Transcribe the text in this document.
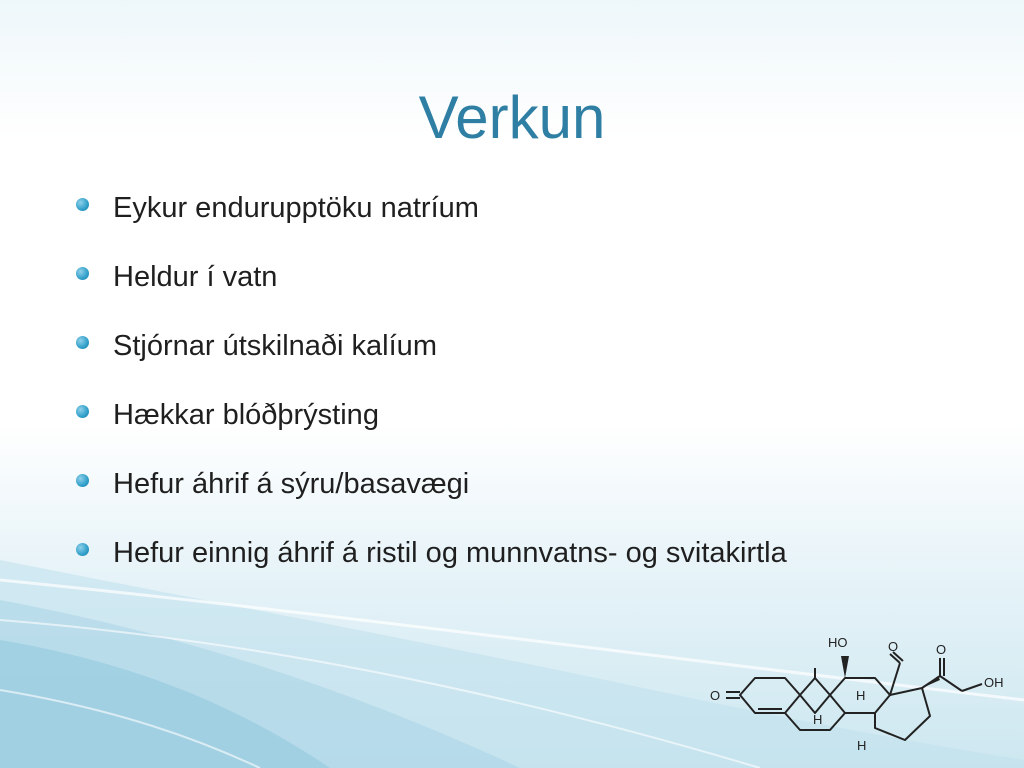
Verkun
Eykur endurupptöku natríum
Heldur í vatn
Stjórnar útskilnaði kalíum
Hækkar blóðþrýsting
Hefur áhrif á sýru/basavægi
Hefur einnig áhrif á ristil og munnvatns- og svitakirtla
HO	O	O
OH
O	H
H
H
